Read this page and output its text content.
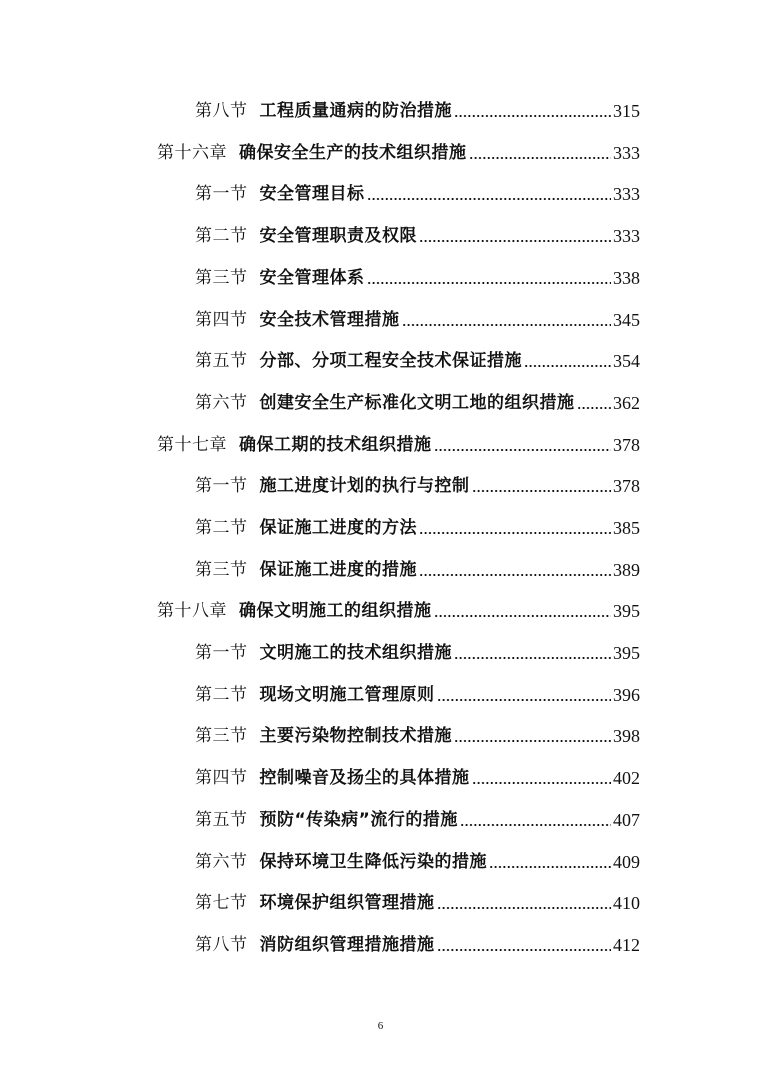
第八节 工程质量通病的防治措施	315
第十六章 确保安全生产的技术组织措施	333
第一节 安全管理目标	333
第二节 安全管理职责及权限	333
第三节 安全管理体系	338
第四节 安全技术管理措施	345
第五节 分部、分项工程安全技术保证措施	354
第六节 创建安全生产标准化文明工地的组织措施 362
第十七章 确保工期的技术组织措施	378
第一节 施工进度计划的执行与控制	378
第二节 保证施工进度的方法	385
第三节 保证施工进度的措施	389
第十八章 确保文明施工的组织措施	395
第一节 文明施工的技术组织措施	395
第二节 现场文明施工管理原则	396
第三节 主要污染物控制技术措施	398
第四节 控制噪音及扬尘的具体措施	402
第五节 预防“传染病”流行的措施	407
第六节 保持环境卫生降低污染的措施	409
第七节 环境保护组织管理措施	410
第八节 消防组织管理措施措施	412
6
